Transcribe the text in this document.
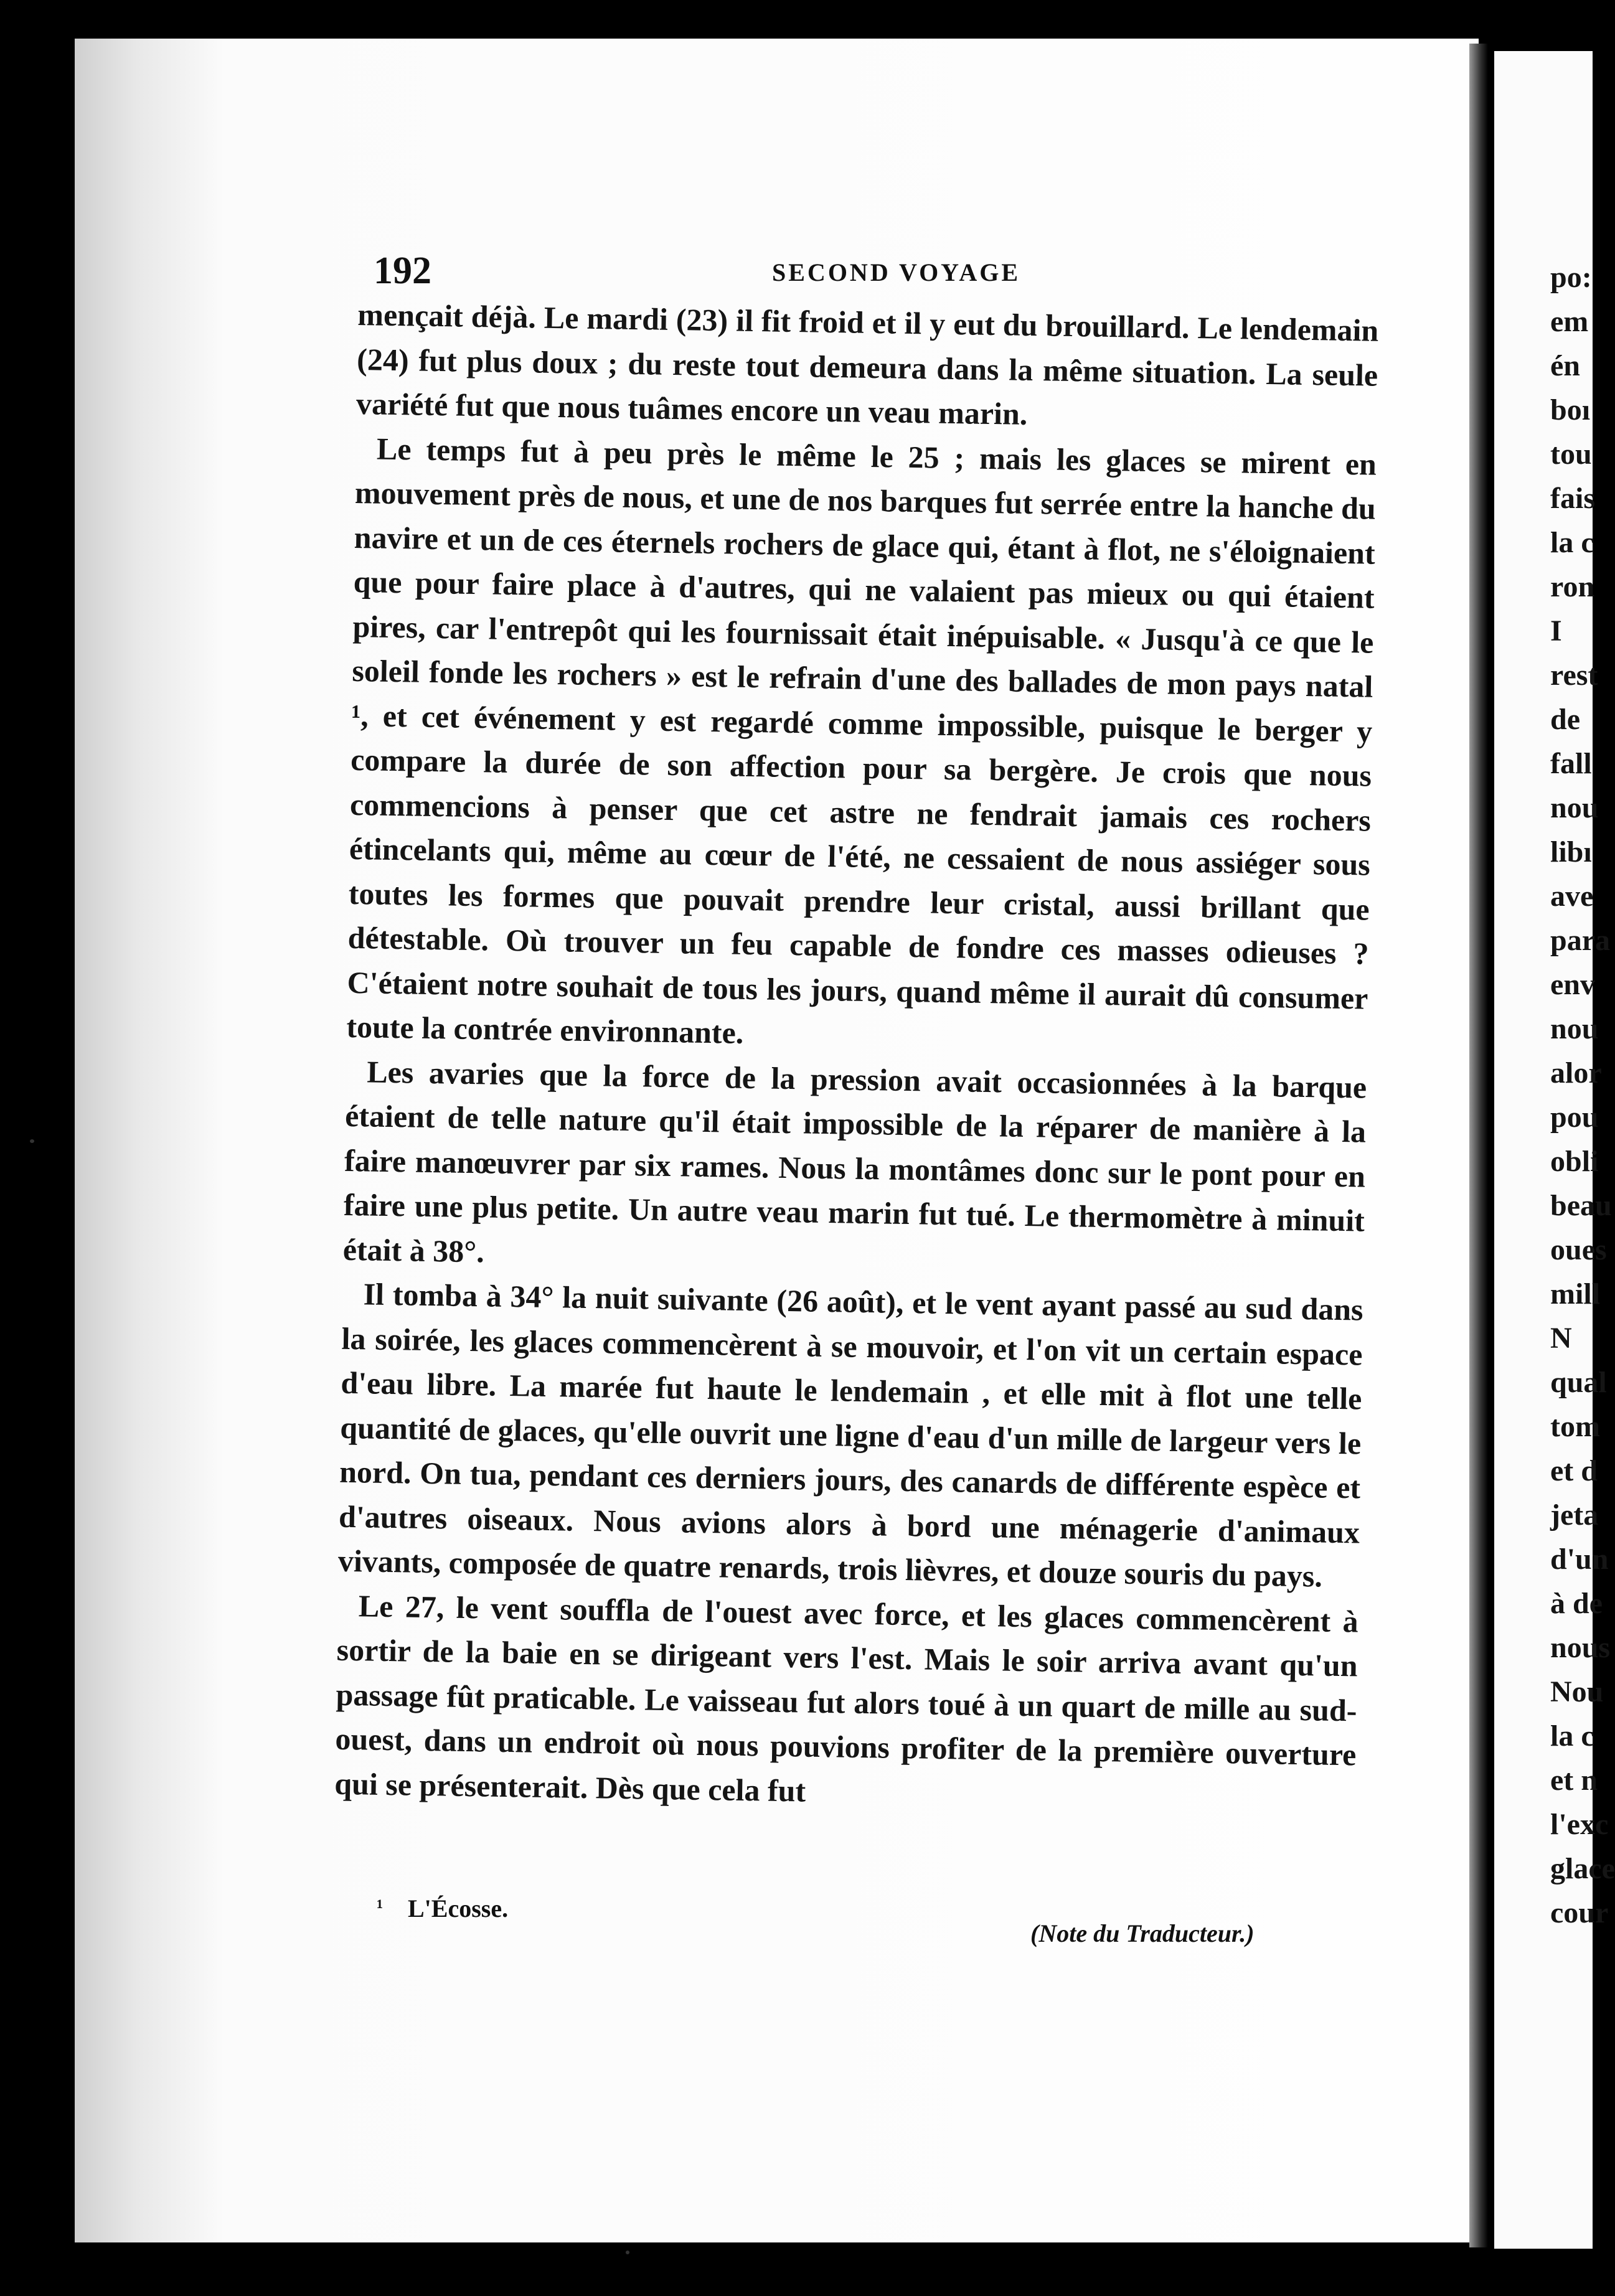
192	SECOND VOYAGE

mençait déjà. Le mardi (23) il fit froid et il y eut du brouillard. Le lendemain (24) fut plus doux ; du reste tout demeura dans la même situation. La seule variété fut que nous tuâmes encore un veau marin.

Le temps fut à peu près le même le 25 ; mais les glaces se mirent en mouvement près de nous, et une de nos barques fut serrée entre la hanche du navire et un de ces éternels rochers de glace qui, étant à flot, ne s'éloignaient que pour faire place à d'autres, qui ne valaient pas mieux ou qui étaient pires, car l'entrepôt qui les fournissait était inépuisable. « Jusqu'à ce que le soleil fonde les rochers » est le refrain d'une des ballades de mon pays natal ¹, et cet événement y est regardé comme impossible, puisque le berger y compare la durée de son affection pour sa bergère. Je crois que nous commencions à penser que cet astre ne fendrait jamais ces rochers étincelants qui, même au cœur de l'été, ne cessaient de nous assiéger sous toutes les formes que pouvait prendre leur cristal, aussi brillant que détestable. Où trouver un feu capable de fondre ces masses odieuses ? C'étaient notre souhait de tous les jours, quand même il aurait dû consumer toute la contrée environnante.

Les avaries que la force de la pression avait occasionnées à la barque étaient de telle nature qu'il était impossible de la réparer de manière à la faire manœuvrer par six rames. Nous la montâmes donc sur le pont pour en faire une plus petite. Un autre veau marin fut tué. Le thermomètre à minuit était à 38°.

Il tomba à 34° la nuit suivante (26 août), et le vent ayant passé au sud dans la soirée, les glaces commencèrent à se mouvoir, et l'on vit un certain espace d'eau libre. La marée fut haute le lendemain , et elle mit à flot une telle quantité de glaces, qu'elle ouvrit une ligne d'eau d'un mille de largeur vers le nord. On tua, pendant ces derniers jours, des canards de différente espèce et d'autres oiseaux. Nous avions alors à bord une ménagerie d'animaux vivants, composée de quatre renards, trois lièvres, et douze souris du pays.

Le 27, le vent souffla de l'ouest avec force, et les glaces commencèrent à sortir de la baie en se dirigeant vers l'est. Mais le soir arriva avant qu'un passage fût praticable. Le vaisseau fut alors toué à un quart de mille au sud-ouest, dans un endroit où nous pouvions profiter de la première ouverture qui se présenterait. Dès que cela fut

¹ L'Écosse.
(Note du Traducteur.)
po:
em
én
boı
tou
fais
la c
ron
I
rest
de
fall
nou
libı
ave
para
env
nou
alor
pou
obli
beau
oues
mill
N
qual
tom
et d
jeta
d'un
à de
nous
Nou
la c
et n
l'exc
glace
cour
